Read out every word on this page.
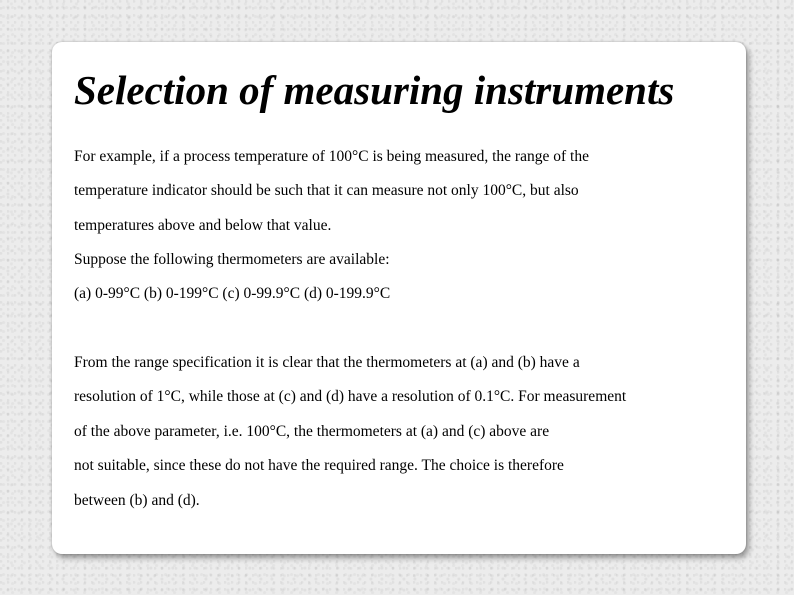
Selection of measuring instruments

For example, if a process temperature of 100°C is being measured, the range of the

temperature indicator should be such that it can measure not only 100°C, but also

temperatures above and below that value.

Suppose the following thermometers are available:

(a) 0-99°C (b) 0-199°C (c) 0-99.9°C (d) 0-199.9°C

From the range specification it is clear that the thermometers at (a) and (b) have a

resolution of 1°C, while those at (c) and (d) have a resolution of 0.1°C. For measurement

of the above parameter, i.e. 100°C, the thermometers at (a) and (c) above are

not suitable, since these do not have the required range. The choice is therefore

between (b) and (d).
